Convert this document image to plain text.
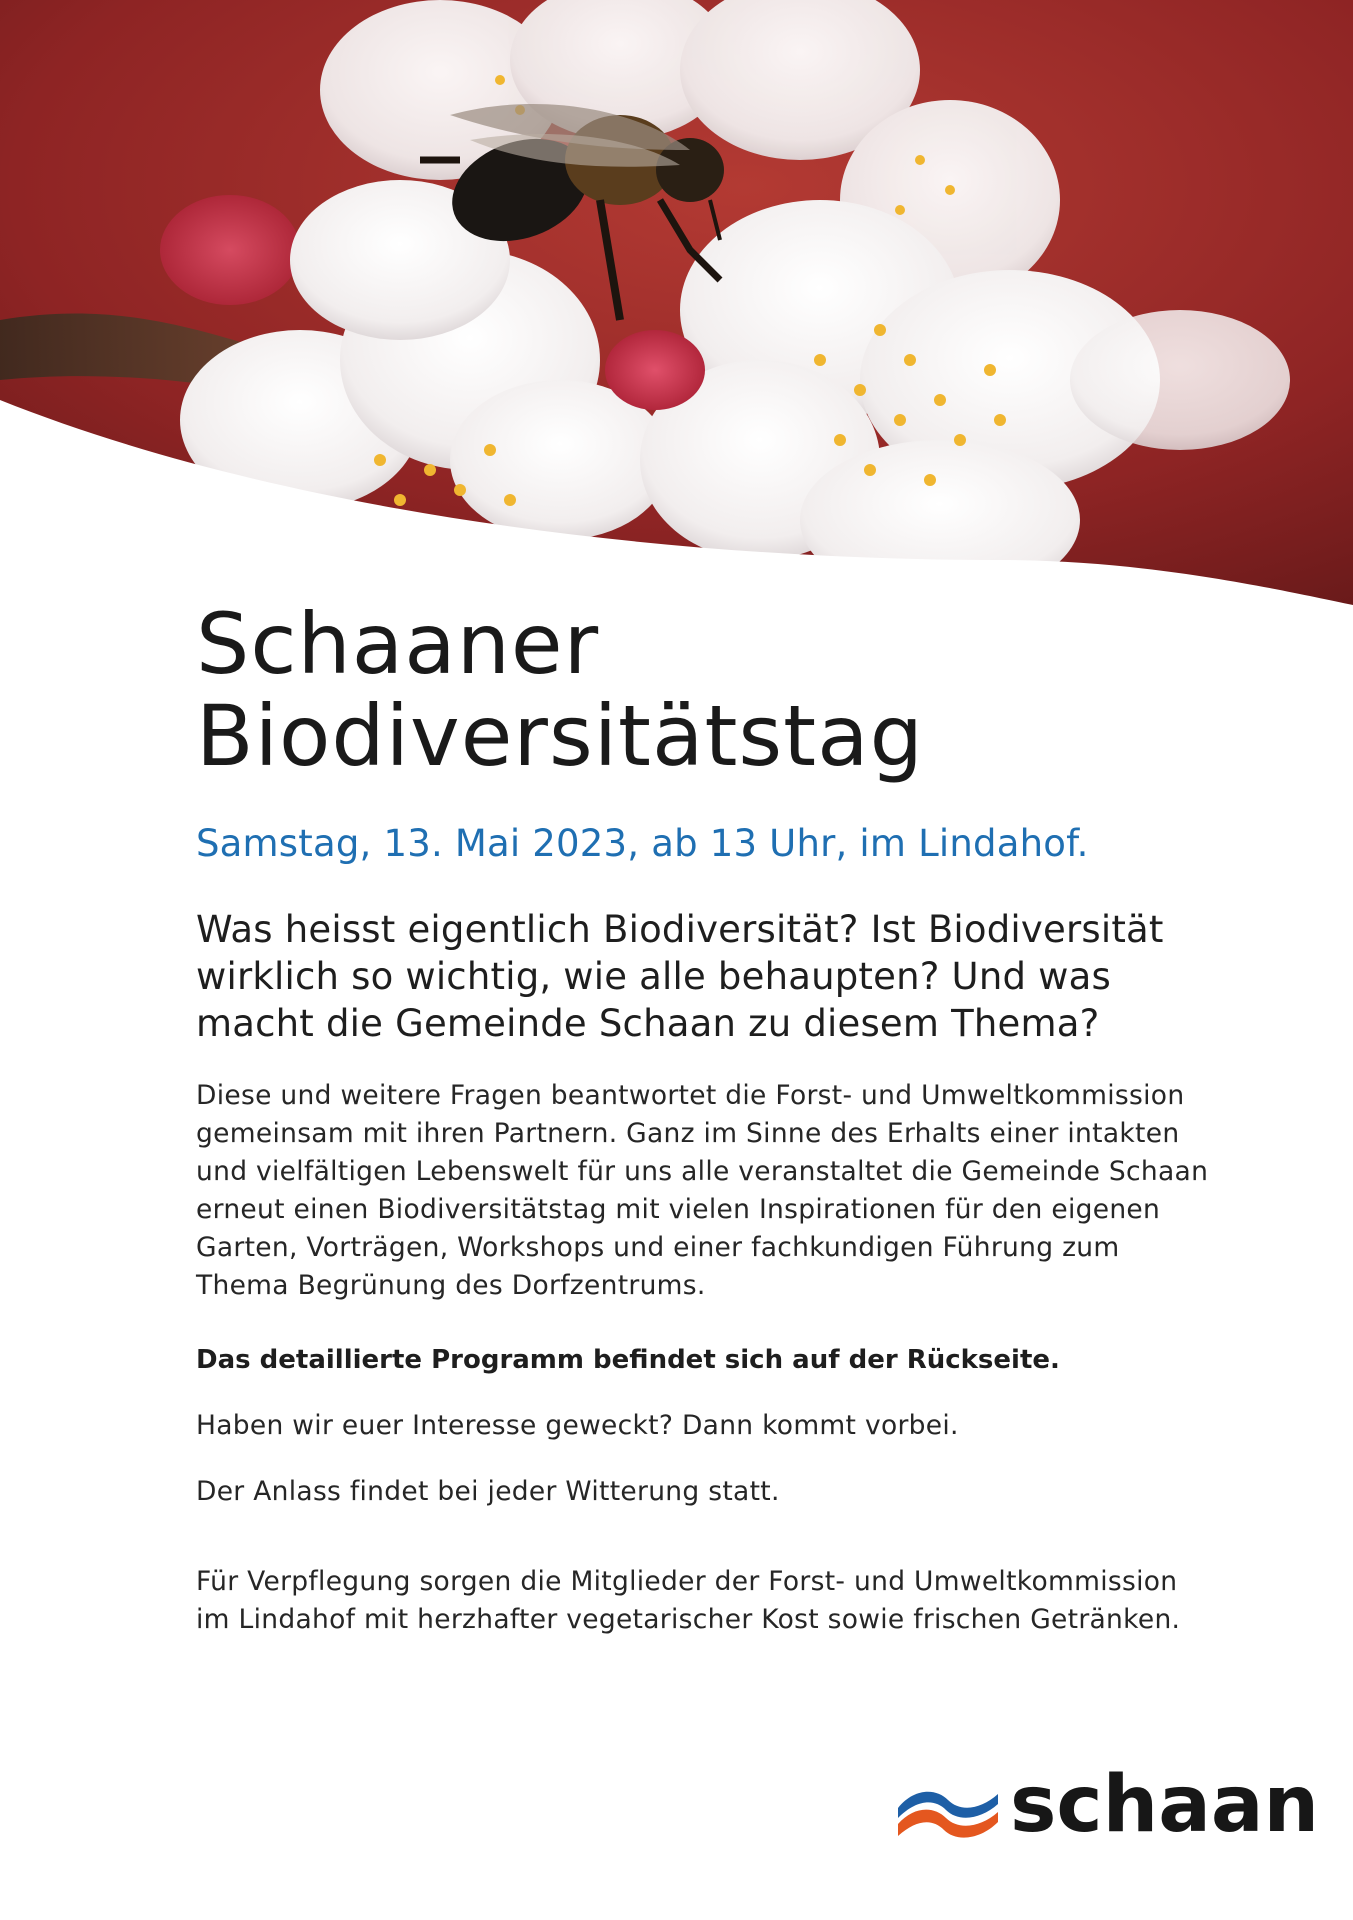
Schaaner
Biodiversitätstag

Samstag, 13. Mai 2023, ab 13 Uhr, im Lindahof.

Was heisst eigentlich Biodiversität? Ist Biodiversität
wirklich so wichtig, wie alle behaupten? Und was
macht die Gemeinde Schaan zu diesem Thema?

Diese und weitere Fragen beantwortet die Forst- und Umweltkommission
gemeinsam mit ihren Partnern. Ganz im Sinne des Erhalts einer intakten
und vielfältigen Lebenswelt für uns alle veranstaltet die Gemeinde Schaan
erneut einen Biodiversitätstag mit vielen Inspirationen für den eigenen
Garten, Vorträgen, Workshops und einer fachkundigen Führung zum
Thema Begrünung des Dorfzentrums.

Das detaillierte Programm befindet sich auf der Rückseite.

Haben wir euer Interesse geweckt? Dann kommt vorbei.

Der Anlass findet bei jeder Witterung statt.

Für Verpflegung sorgen die Mitglieder der Forst- und Umweltkommission
im Lindahof mit herzhafter vegetarischer Kost sowie frischen Getränken.

schaan
